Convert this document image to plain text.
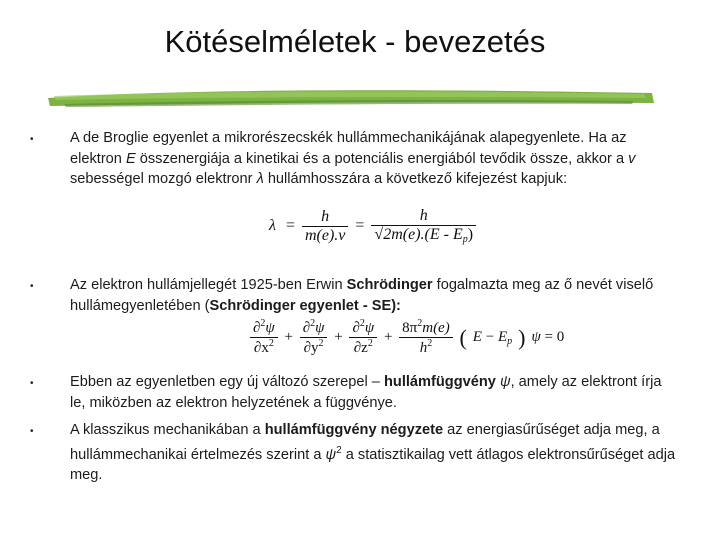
Kötéselméletek - bevezetés
• A de Broglie egyenlet a mikrorészecskék hullámmechanikájának alapegyenlete. Ha az elektron E összenergiája a kinetikai és a potenciális energiából tevődik össze, akkor a v sebességel mozgó elektronr λ hullámhosszára a következő kifejezést kapjuk:
$\lambda = \frac{h}{m(e).v} = \frac{h}{√2m(e).(E - E_p)}$
• Az elektron hullámjellegét 1925-ben Erwin Schrödinger fogalmazta meg az ő nevét viselő hullámegyenletében (Schrödinger egyenlet - SE):
$\frac{\partial^2\psi}{\partial x^2} + \frac{\partial^2\psi}{\partial y^2} + \frac{\partial^2\psi}{\partial z^2} + \frac{8\pi^2m(e)}{h^2}$ ( $E - E_p$ ) ψ = 0
• Ebben az egyenletben egy új változó szerepel – hullámfüggvény ψ, amely az elektront írja le, miközben az elektron helyzetének a függvénye.
• A klasszikus mechanikában a hullámfüggvény négyzete az energiasűrűséget adja meg, a hullámmechanikai értelmezés szerint a $\psi^2$ a statisztikailag vett átlagos elektronsűrűséget adja meg.
